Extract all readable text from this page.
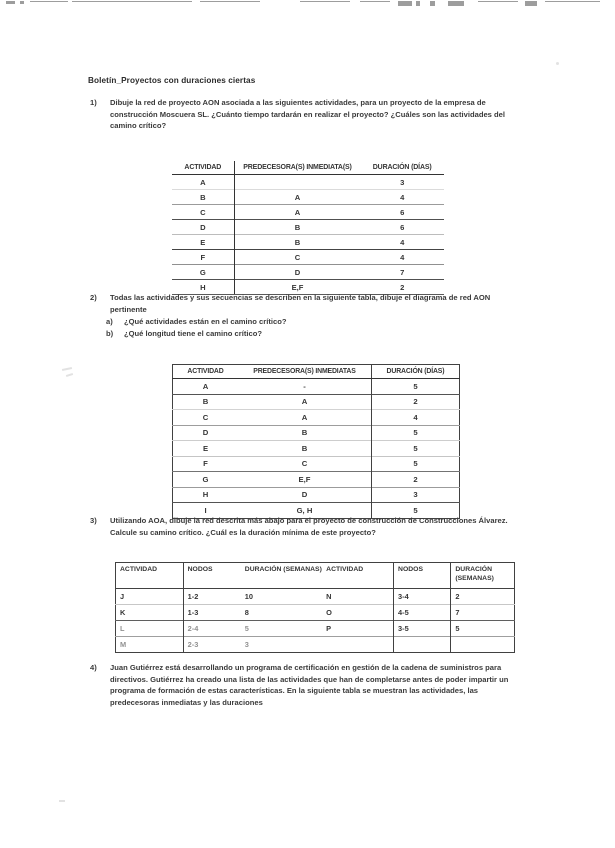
Boletín_Proyectos con duraciones ciertas
1)	Dibuje la red de proyecto AON asociada a las siguientes actividades, para un proyecto de la empresa de construcción Moscuera SL. ¿Cuánto tiempo tardarán en realizar el proyecto? ¿Cuáles son las actividades del camino crítico?
ACTIVIDAD	PREDECESORA(S) INMEDIATA(S)	DURACIÓN (DÍAS)
A		3
B	A	4
C	A	6
D	B	6
E	B	4
F	C	4
G	D	7
H	E,F	2
2)	Todas las actividades y sus secuencias se describen en la siguiente tabla, dibuje el diagrama de red AON pertinente
a)	¿Qué actividades están en el camino crítico?
b)	¿Qué longitud tiene el camino crítico?
ACTIVIDAD	PREDECESORA(S) INMEDIATAS	DURACIÓN (DÍAS)
A	-	5
B	A	2
C	A	4
D	B	5
E	B	5
F	C	5
G	E,F	2
H	D	3
I	G, H	5
3)	Utilizando AOA, dibuje la red descrita más abajo para el proyecto de construcción de Construcciones Álvarez. Calcule su camino crítico. ¿Cuál es la duración mínima de este proyecto?
ACTIVIDAD	NODOS	DURACIÓN (SEMANAS)	ACTIVIDAD	NODOS	DURACIÓN (SEMANAS)
J	1-2	10	N	3-4	2
K	1-3	8	O	4-5	7
L	2-4	5	P	3-5	5
M	2-3	3			
4)	Juan Gutiérrez está desarrollando un programa de certificación en gestión de la cadena de suministros para directivos. Gutiérrez ha creado una lista de las actividades que han de completarse antes de poder impartir un programa de formación de estas características. En la siguiente tabla se muestran las actividades, las predecesoras inmediatas y las duraciones
